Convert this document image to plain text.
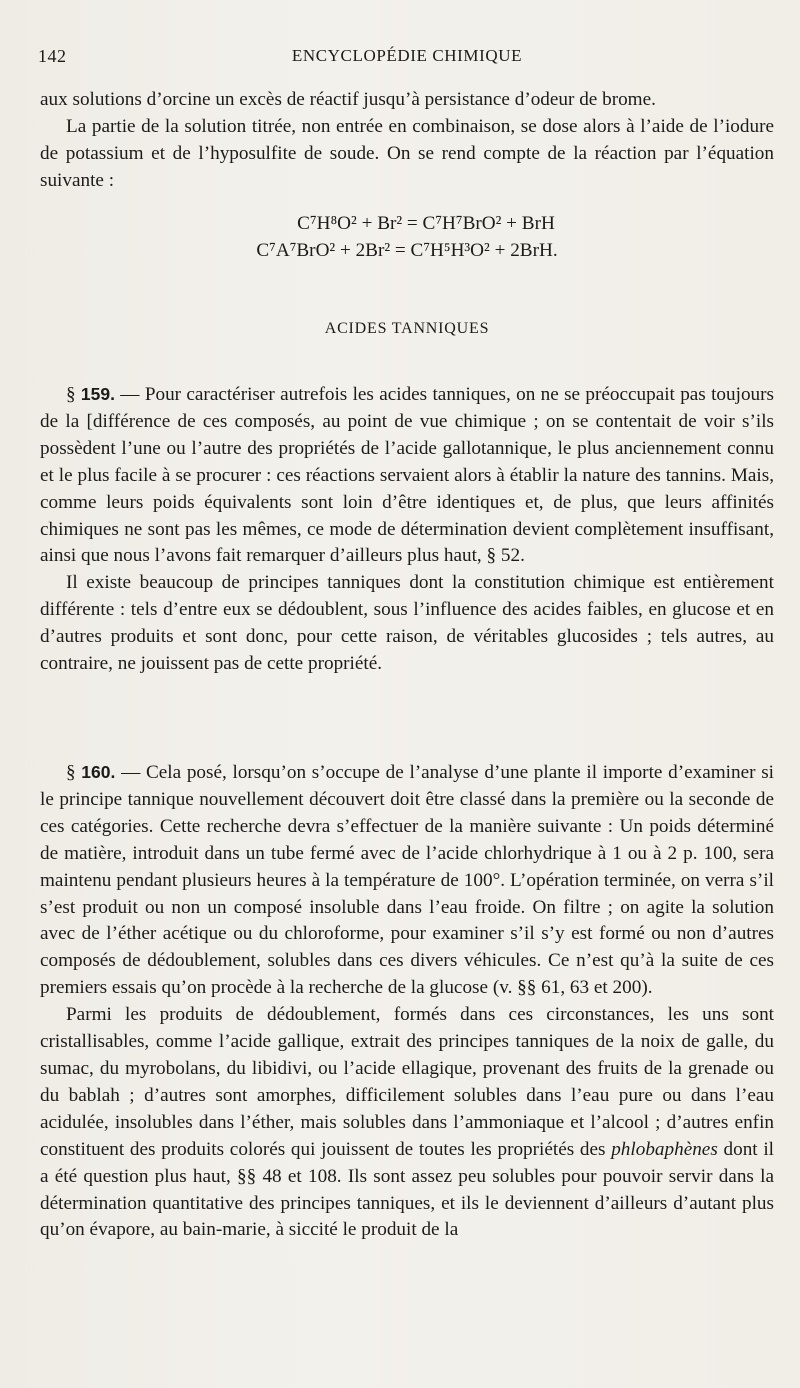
142	ENCYCLOPÉDIE CHIMIQUE

aux solutions d’orcine un excès de réactif jusqu’à persistance d’odeur de brome.

La partie de la solution titrée, non entrée en combinaison, se dose alors à l’aide de l’iodure de potassium et de l’hyposulfite de soude. On se rend compte de la réaction par l’équation suivante :

C⁷H⁸O² + Br² = C⁷H⁷BrO² + BrH
C⁷A⁷BrO² + 2Br² = C⁷H⁵H³O² + 2BrH.
ACIDES TANNIQUES

§ 159. — Pour caractériser autrefois les acides tanniques, on ne se préoccupait pas toujours de la [différence de ces composés, au point de vue chimique ; on se contentait de voir s’ils possèdent l’une ou l’autre des propriétés de l’acide gallotannique, le plus anciennement connu et le plus facile à se procurer : ces réactions servaient alors à établir la nature des tannins. Mais, comme leurs poids équivalents sont loin d’être identiques et, de plus, que leurs affinités chimiques ne sont pas les mêmes, ce mode de détermination devient complètement insuffisant, ainsi que nous l’avons fait remarquer d’ailleurs plus haut, § 52.

Il existe beaucoup de principes tanniques dont la constitution chimique est entièrement différente : tels d’entre eux se dédoublent, sous l’influence des acides faibles, en glucose et en d’autres produits et sont donc, pour cette raison, de véritables glucosides ; tels autres, au contraire, ne jouissent pas de cette propriété.

§ 160. — Cela posé, lorsqu’on s’occupe de l’analyse d’une plante il importe d’examiner si le principe tannique nouvellement découvert doit être classé dans la première ou la seconde de ces catégories. Cette recherche devra s’effectuer de la manière suivante : Un poids déterminé de matière, introduit dans un tube fermé avec de l’acide chlorhydrique à 1 ou à 2 p. 100, sera maintenu pendant plusieurs heures à la température de 100°. L’opération terminée, on verra s’il s’est produit ou non un composé insoluble dans l’eau froide. On filtre ; on agite la solution avec de l’éther acétique ou du chloroforme, pour examiner s’il s’y est formé ou non d’autres composés de dédoublement, solubles dans ces divers véhicules. Ce n’est qu’à la suite de ces premiers essais qu’on procède à la recherche de la glucose (v. §§ 61, 63 et 200).

Parmi les produits de dédoublement, formés dans ces circonstances, les uns sont cristallisables, comme l’acide gallique, extrait des principes tanniques de la noix de galle, du sumac, du myrobolans, du libidivi, ou l’acide ellagique, provenant des fruits de la grenade ou du bablah ; d’autres sont amorphes, difficilement solubles dans l’eau pure ou dans l’eau acidulée, insolubles dans l’éther, mais solubles dans l’ammoniaque et l’alcool ; d’autres enfin constituent des produits colorés qui jouissent de toutes les propriétés des phlobaphènes dont il a été question plus haut, §§ 48 et 108. Ils sont assez peu solubles pour pouvoir servir dans la détermination quantitative des principes tanniques, et ils le deviennent d’ailleurs d’autant plus qu’on évapore, au bain-marie, à siccité le produit de la
